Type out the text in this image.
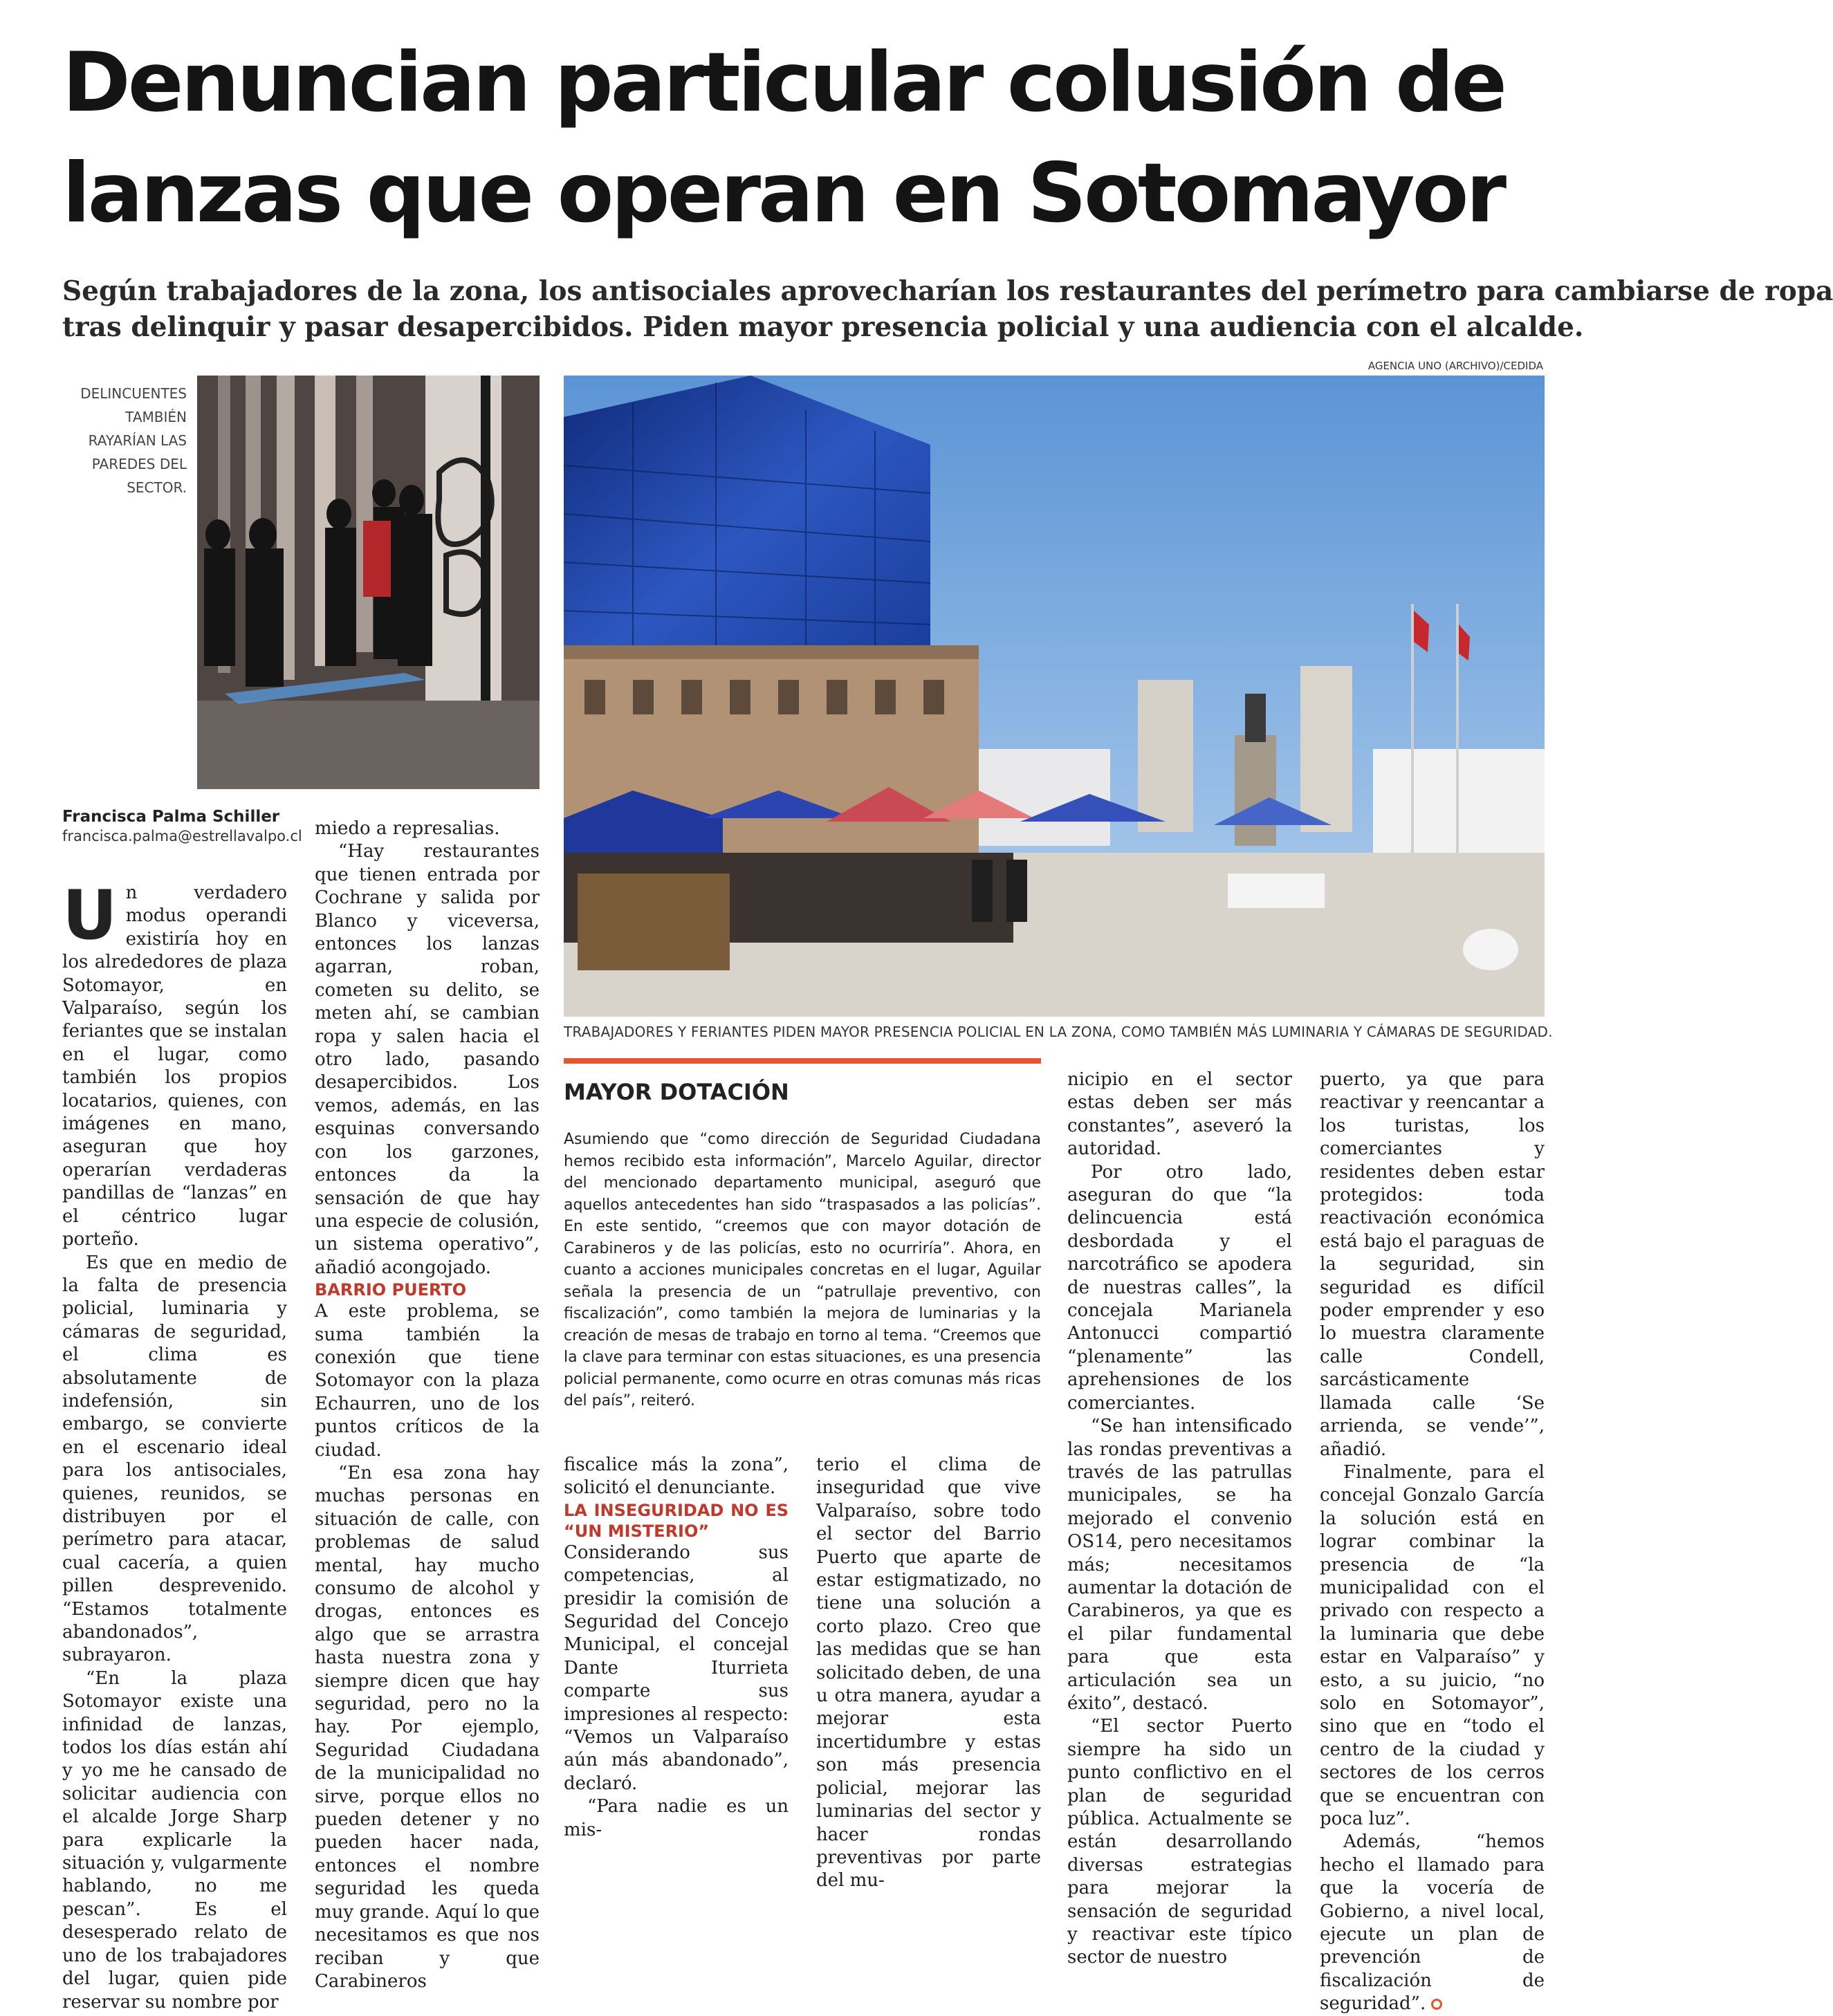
Denuncian particular colusión de
lanzas que operan en Sotomayor
Según trabajadores de la zona, los antisociales aprovecharían los restaurantes del perímetro para cambiarse de ropa
tras delinquir y pasar desapercibidos. Piden mayor presencia policial y una audiencia con el alcalde.
AGENCIA UNO (ARCHIVO)/CEDIDA
DELINCUENTES TAMBIÉN RAYARÍAN LAS PAREDES DEL SECTOR.
TRABAJADORES Y FERIANTES PIDEN MAYOR PRESENCIA POLICIAL EN LA ZONA, COMO TAMBIÉN MÁS LUMINARIA Y CÁMARAS DE SEGURIDAD.
Francisca Palma Schiller
francisca.palma@estrellavalpo.cl

Un verdadero modus operandi existiría hoy en los alrededores de plaza Sotomayor, en Valparaíso, según los feriantes que se instalan en el lugar, como también los propios locatarios, quienes, con imágenes en mano, aseguran que hoy operarían verdaderas pandillas de “lanzas” en el céntrico lugar porteño.

Es que en medio de la falta de presencia policial, luminaria y cámaras de seguridad, el clima es absolutamente de indefensión, sin embargo, se convierte en el escenario ideal para los antisociales, quienes, reunidos, se distribuyen por el perímetro para atacar, cual cacería, a quien pillen desprevenido. “Estamos totalmente abandonados”, subrayaron.

“En la plaza Sotomayor existe una infinidad de lanzas, todos los días están ahí y yo me he cansado de solicitar audiencia con el alcalde Jorge Sharp para explicarle la situación y, vulgarmente hablando, no me pescan”. Es el desesperado relato de uno de los trabajadores del lugar, quien pide reservar su nombre por

miedo a represalias.

“Hay restaurantes que tienen entrada por Cochrane y salida por Blanco y viceversa, entonces los lanzas agarran, roban, cometen su delito, se meten ahí, se cambian ropa y salen hacia el otro lado, pasando desapercibidos. Los vemos, además, en las esquinas conversando con los garzones, entonces da la sensación de que hay una especie de colusión, un sistema operativo”, añadió acongojado.

BARRIO PUERTO

A este problema, se suma también la conexión que tiene Sotomayor con la plaza Echaurren, uno de los puntos críticos de la ciudad.

“En esa zona hay muchas personas en situación de calle, con problemas de salud mental, hay mucho consumo de alcohol y drogas, entonces es algo que se arrastra hasta nuestra zona y siempre dicen que hay seguridad, pero no la hay. Por ejemplo, Seguridad Ciudadana de la municipalidad no sirve, porque ellos no pueden detener y no pueden hacer nada, entonces el nombre seguridad les queda muy grande. Aquí lo que necesitamos es que nos reciban y que Carabineros

MAYOR DOTACIÓN

Asumiendo que “como dirección de Seguridad Ciudadana hemos recibido esta información”, Marcelo Aguilar, director del mencionado departamento municipal, aseguró que aquellos antecedentes han sido “traspasados a las policías”. En este sentido, “creemos que con mayor dotación de Carabineros y de las policías, esto no ocurriría”. Ahora, en cuanto a acciones municipales concretas en el lugar, Aguilar señala la presencia de un “patrullaje preventivo, con fiscalización”, como también la mejora de luminarias y la creación de mesas de trabajo en torno al tema. “Creemos que la clave para terminar con estas situaciones, es una presencia policial permanente, como ocurre en otras comunas más ricas del país”, reiteró.

fiscalice más la zona”, solicitó el denunciante.

LA INSEGURIDAD NO ES “UN MISTERIO”

Considerando sus competencias, al presidir la comisión de Seguridad del Concejo Municipal, el concejal Dante Iturrieta comparte sus impresiones al respecto: “Vemos un Valparaíso aún más abandonado”, declaró.

“Para nadie es un mis-

terio el clima de inseguridad que vive Valparaíso, sobre todo el sector del Barrio Puerto que aparte de estar estigmatizado, no tiene una solución a corto plazo. Creo que las medidas que se han solicitado deben, de una u otra manera, ayudar a mejorar esta incertidumbre y estas son más presencia policial, mejorar las luminarias del sector y hacer rondas preventivas por parte del mu-

nicipio en el sector estas deben ser más constantes”, aseveró la autoridad.

Por otro lado, aseguran do que “la delincuencia está desbordada y el narcotráfico se apodera de nuestras calles”, la concejala Marianela Antonucci compartió “plenamente” las aprehensiones de los comerciantes.

“Se han intensificado las rondas preventivas a través de las patrullas municipales, se ha mejorado el convenio OS14, pero necesitamos más; necesitamos aumentar la dotación de Carabineros, ya que es el pilar fundamental para que esta articulación sea un éxito”, destacó.

“El sector Puerto siempre ha sido un punto conflictivo en el plan de seguridad pública. Actualmente se están desarrollando diversas estrategias para mejorar la sensación de seguridad y reactivar este típico sector de nuestro

puerto, ya que para reactivar y reencantar a los turistas, los comerciantes y residentes deben estar protegidos: toda reactivación económica está bajo el paraguas de la seguridad, sin seguridad es difícil poder emprender y eso lo muestra claramente calle Condell, sarcásticamente llamada calle ‘Se arrienda, se vende’”, añadió.

Finalmente, para el concejal Gonzalo García la solución está en lograr combinar la presencia de “la municipalidad con el privado con respecto a la luminaria que debe estar en Valparaíso” y esto, a su juicio, “no solo en Sotomayor”, sino que en “todo el centro de la ciudad y sectores de los cerros que se encuentran con poca luz”.

Además, “hemos hecho el llamado para que la vocería de Gobierno, a nivel local, ejecute un plan de prevención de fiscalización de seguridad”.
